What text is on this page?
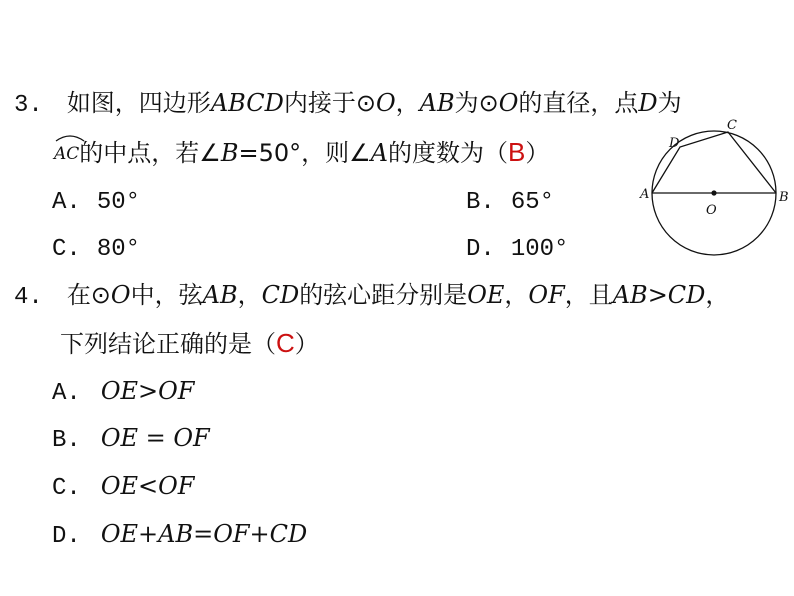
3. 如图，四边形ABCD内接于⊙O，AB为⊙O的直径，点D为
AC的中点，若∠B=50°，则∠A的度数为（B）
A. 50°	B. 65°
C. 80°	D. 100°
A	B
C
D
O
4. 在⊙O中，弦AB，CD的弦心距分别是OE，OF，且AB>CD，
下列结论正确的是（C）
A. OE>OF
B. OE = OF
C. OE<OF
D. OE+AB=OF+CD
